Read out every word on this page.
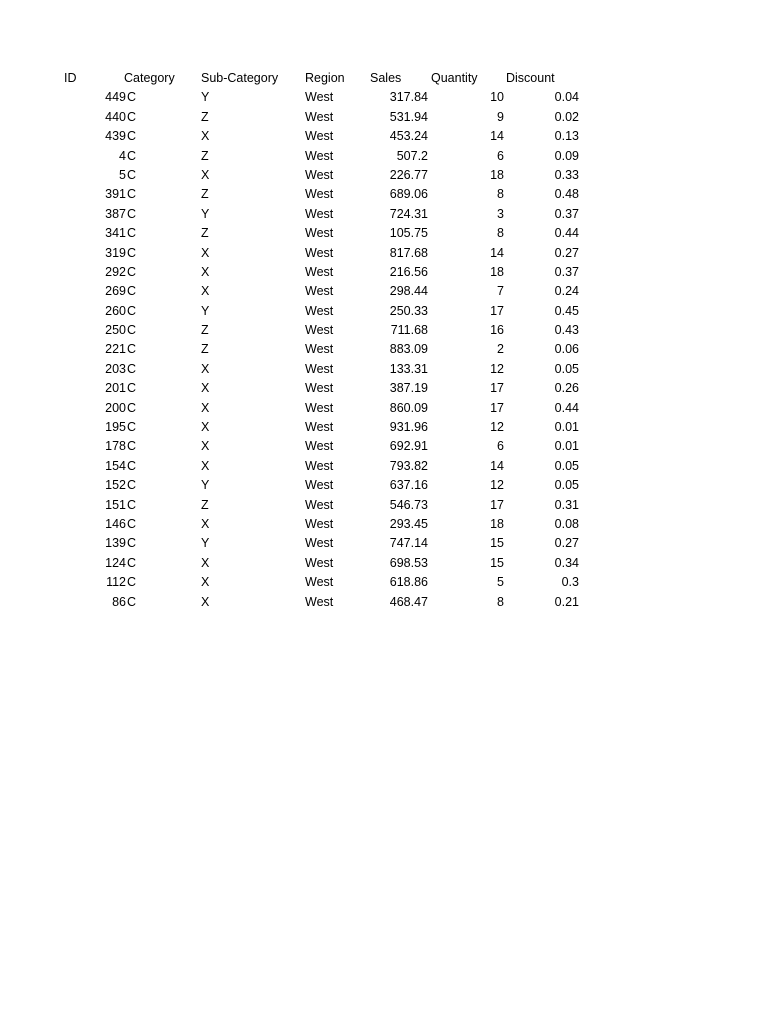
ID	Category Sub-Category Region Sales Quantity Discount
449 C	Y	West	317.84	10	0.04
440 C	Z	West	531.94	9	0.02
439 C	X	West	453.24	14	0.13
4 C	Z	West	507.2	6	0.09
5 C	X	West	226.77	18	0.33
391 C	Z	West	689.06	8	0.48
387 C	Y	West	724.31	3	0.37
341 C	Z	West	105.75	8	0.44
319 C	X	West	817.68	14	0.27
292 C	X	West	216.56	18	0.37
269 C	X	West	298.44	7	0.24
260 C	Y	West	250.33	17	0.45
250 C	Z	West	711.68	16	0.43
221 C	Z	West	883.09	2	0.06
203 C	X	West	133.31	12	0.05
201 C	X	West	387.19	17	0.26
200 C	X	West	860.09	17	0.44
195 C	X	West	931.96	12	0.01
178 C	X	West	692.91	6	0.01
154 C	X	West	793.82	14	0.05
152 C	Y	West	637.16	12	0.05
151 C	Z	West	546.73	17	0.31
146 C	X	West	293.45	18	0.08
139 C	Y	West	747.14	15	0.27
124 C	X	West	698.53	15	0.34
112 C	X	West	618.86	5	0.3
86 C	X	West	468.47	8	0.21
